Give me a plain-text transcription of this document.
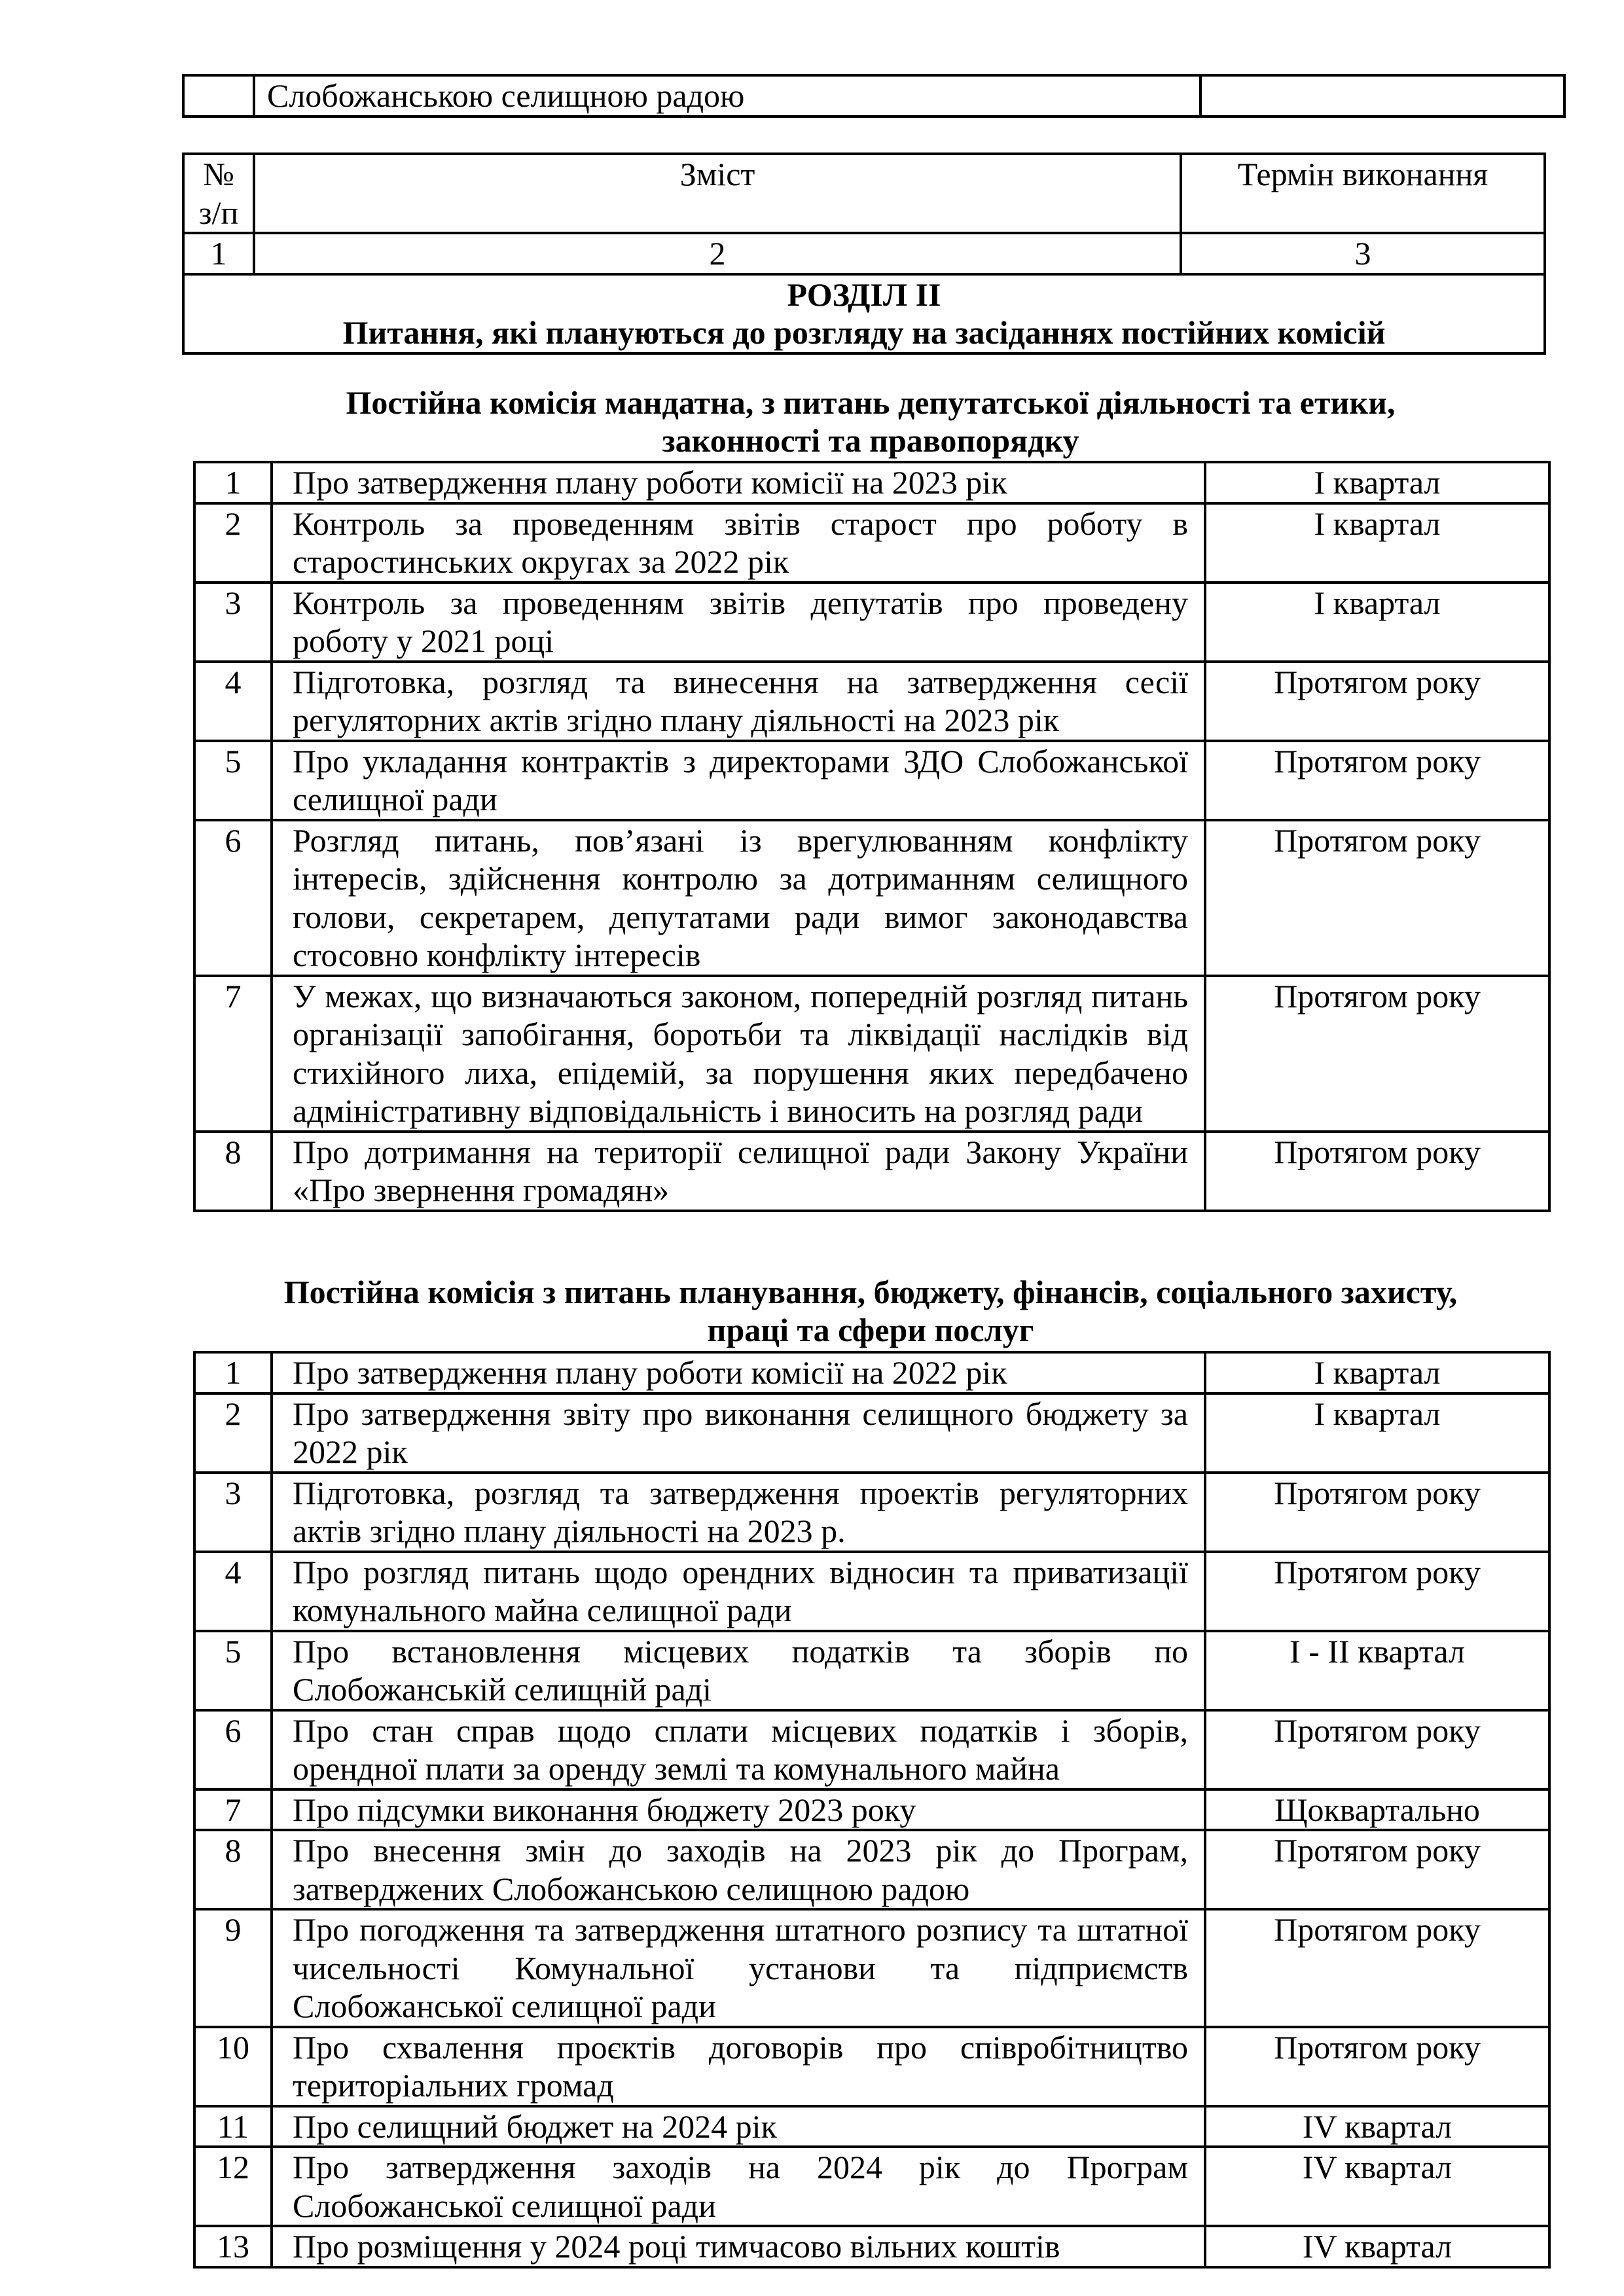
	Слобожанською селищною радою	
№
з/п	Зміст	Термін виконання
1	2	3

РОЗДІЛ II
Питання, які плануються до розгляду на засіданнях постійних комісій		
Постійна комісія мандатна, з питань депутатської діяльності та етики,
законності та правопорядку
1	Про затвердження плану роботи комісії на 2023 рік	I квартал
2	Контроль за проведенням звітів старост про роботу в старостинських округах за 2022 рік	I квартал
3	Контроль за проведенням звітів депутатів про проведену роботу у 2021 році	I квартал
4	Підготовка, розгляд та винесення на затвердження сесії регуляторних актів згідно плану діяльності на 2023 рік	Протягом року
5	Про укладання контрактів з директорами ЗДО Слобожанської селищної ради	Протягом року
6	Розгляд питань, пов’язані із врегулюванням конфлікту інтересів, здійснення контролю за дотриманням селищного голови, секретарем, депутатами ради вимог законодавства стосовно конфлікту інтересів	Протягом року
7	У межах, що визначаються законом, попередній розгляд питань організації запобігання, боротьби та ліквідації наслідків від стихійного лиха, епідемій, за порушення яких передбачено адміністративну відповідальність і виносить на розгляд ради	Протягом року
8	Про дотримання на території селищної ради Закону України «Про звернення громадян»	Протягом року
Постійна комісія з питань планування, бюджету, фінансів, соціального захисту,
праці та сфери послуг
1	Про затвердження плану роботи комісії на 2022 рік	I квартал
2	Про затвердження звіту про виконання селищного бюджету за 2022 рік	I квартал
3	Підготовка, розгляд та затвердження проектів регуляторних актів згідно плану діяльності на 2023 р.	Протягом року
4	Про розгляд питань щодо орендних відносин та приватизації комунального майна селищної ради	Протягом року
5	Про встановлення місцевих податків та зборів по Слобожанській селищній раді	I - II квартал
6	Про стан справ щодо сплати місцевих податків і зборів, орендної плати за оренду землі та комунального майна	Протягом року
7	Про підсумки виконання бюджету 2023 року	Щоквартально
8	Про внесення змін до заходів на 2023 рік до Програм, затверджених Слобожанською селищною радою	Протягом року
9	Про погодження та затвердження штатного розпису та штатної чисельності Комунальної установи та підприємств Слобожанської селищної ради	Протягом року
10	Про схвалення проєктів договорів про співробітництво територіальних громад	Протягом року
11	Про селищний бюджет на 2024 рік	IV квартал
12	Про затвердження заходів на 2024 рік до Програм Слобожанської селищної ради	IV квартал
13	Про розміщення у 2024 році тимчасово вільних коштів	IV квартал
